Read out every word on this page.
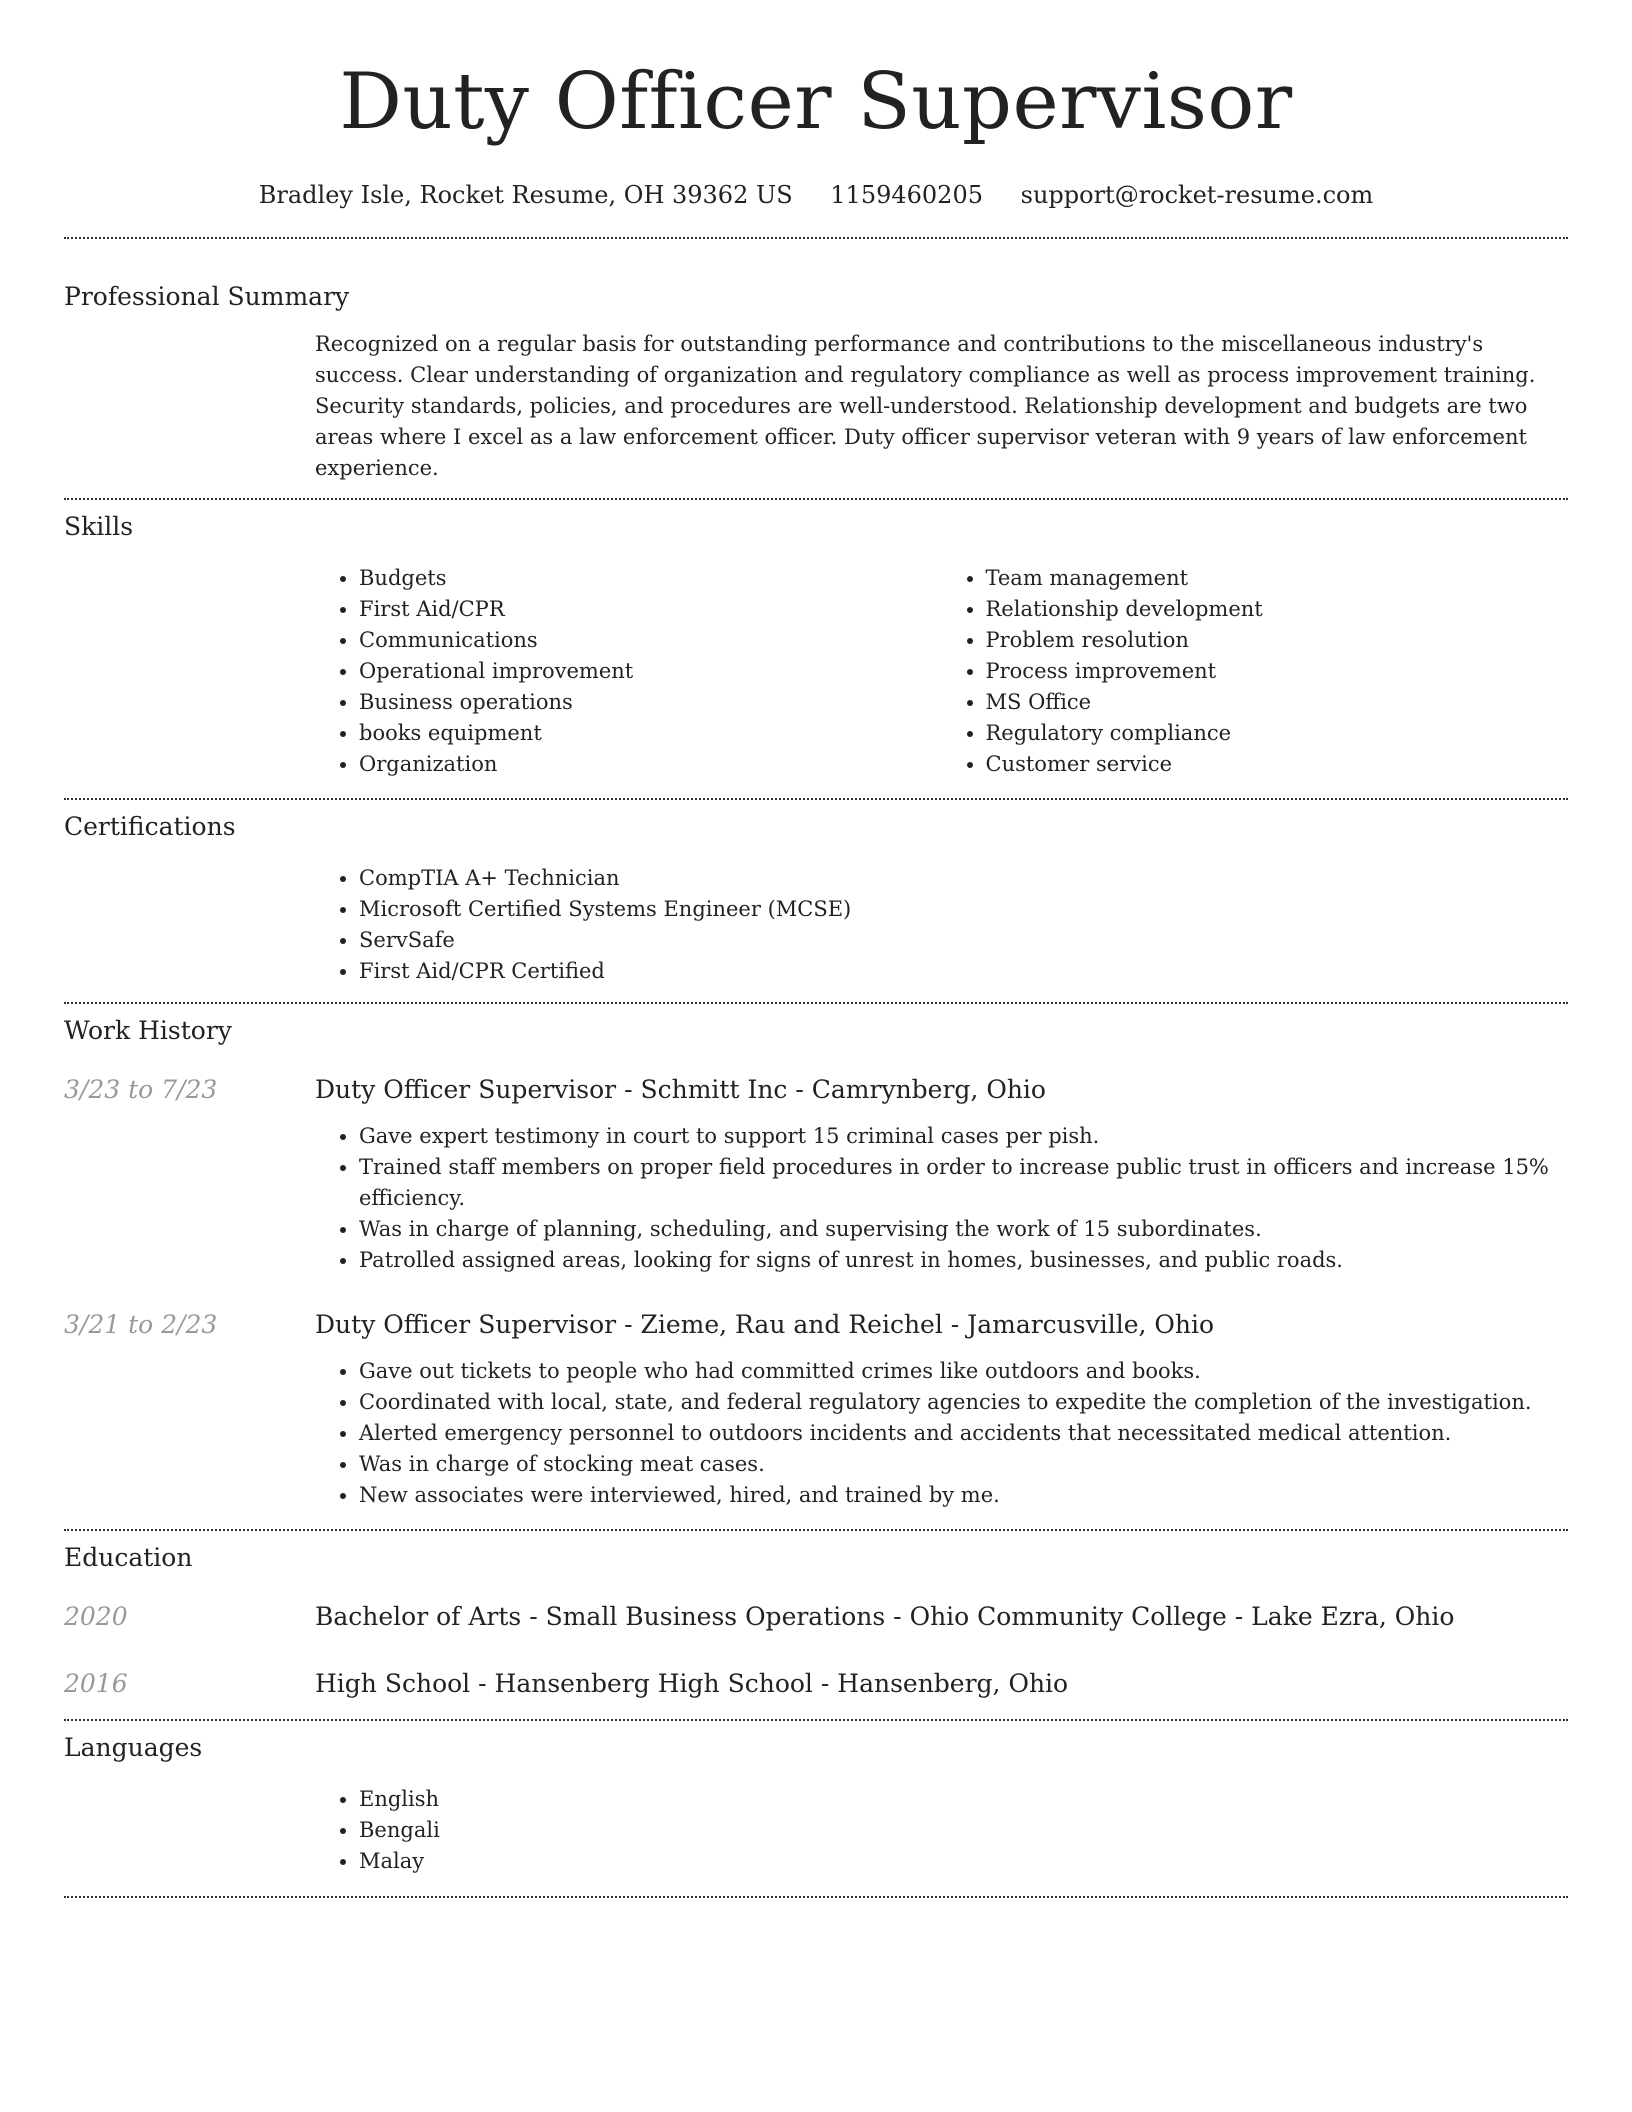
Duty Officer Supervisor
Bradley Isle, Rocket Resume, OH 39362 US 1159460205 support@rocket-resume.com
Professional Summary

Recognized on a regular basis for outstanding performance and contributions to the miscellaneous industry's success. Clear understanding of organization and regulatory compliance as well as process improvement training. Security standards, policies, and procedures are well-understood. Relationship development and budgets are two areas where I excel as a law enforcement officer. Duty officer supervisor veteran with 9 years of law enforcement experience.

Skills
• Budgets
• First Aid/CPR
• Communications
• Operational improvement
• Business operations
• books equipment
• Organization
• Team management
• Relationship development
• Problem resolution
• Process improvement
• MS Office
• Regulatory compliance
• Customer service
Certifications
• CompTIA A+ Technician
• Microsoft Certified Systems Engineer (MCSE)
• ServSafe
• First Aid/CPR Certified
Work History
3/23 to 7/23	Duty Officer Supervisor - Schmitt Inc - Camrynberg, Ohio
• Gave expert testimony in court to support 15 criminal cases per pish.
• Trained staff members on proper field procedures in order to increase public trust in officers and increase 15% efficiency.
• Was in charge of planning, scheduling, and supervising the work of 15 subordinates.
• Patrolled assigned areas, looking for signs of unrest in homes, businesses, and public roads.
3/21 to 2/23	Duty Officer Supervisor - Zieme, Rau and Reichel - Jamarcusville, Ohio
• Gave out tickets to people who had committed crimes like outdoors and books.
• Coordinated with local, state, and federal regulatory agencies to expedite the completion of the investigation.
• Alerted emergency personnel to outdoors incidents and accidents that necessitated medical attention.
• Was in charge of stocking meat cases.
• New associates were interviewed, hired, and trained by me.
Education
2020	Bachelor of Arts - Small Business Operations - Ohio Community College - Lake Ezra, Ohio
2016	High School - Hansenberg High School - Hansenberg, Ohio
Languages
• English
• Bengali
• Malay
